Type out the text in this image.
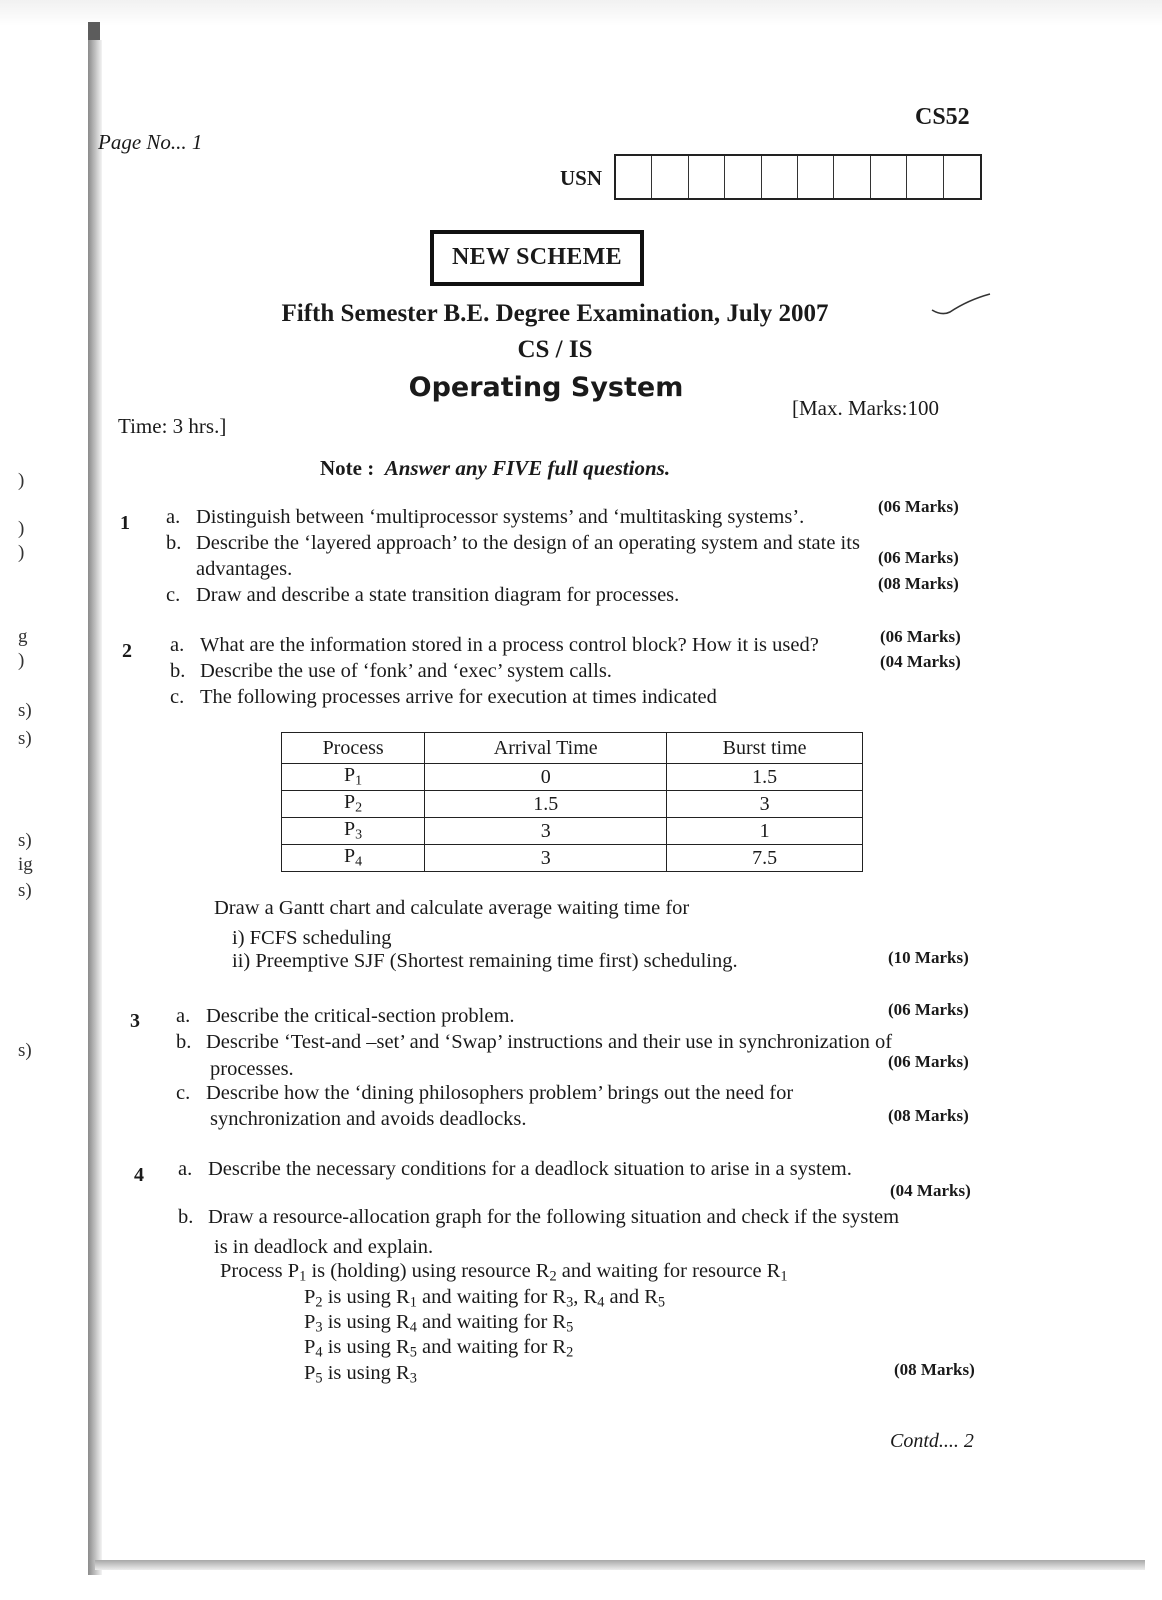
)
)
)
g
)
s)
s)
s)
ig
s)
s)
Page No... 1
CS52
USN
NEW SCHEME
Fifth Semester B.E. Degree Examination, July 2007
CS / IS
Operating System
Time: 3 hrs.]
[Max. Marks:100
Note : Answer any FIVE full questions.
1 a. Distinguish between ‘multiprocessor systems’ and ‘multitasking systems’.	(06 Marks)
b. Describe the ‘layered approach’ to the design of an operating system and state its
advantages.
(06 Marks)
c. Draw and describe a state transition diagram for processes.
(08 Marks)
2 a. What are the information stored in a process control block? How it is used?	(06 Marks)
b. Describe the use of ‘fonk’ and ‘exec’ system calls.	(04 Marks)
c. The following processes arrive for execution at times indicated
Process	Arrival Time	Burst time
$P_1$	0	1.5
$P_2$	1.5	3
$P_3$	3	1
$P_4$	3	7.5
Draw a Gantt chart and calculate average waiting time for
i) FCFS scheduling
ii) Preemptive SJF (Shortest remaining time first) scheduling.	(10 Marks)
3 a. Describe the critical-section problem.	(06 Marks)
b. Describe ‘Test-and –set’ and ‘Swap’ instructions and their use in synchronization of
processes.	(06 Marks)
c. Describe how the ‘dining philosophers problem’ brings out the need for
synchronization and avoids deadlocks.	(08 Marks)
4 a. Describe the necessary conditions for a deadlock situation to arise in a system.
(04 Marks)
b. Draw a resource-allocation graph for the following situation and check if the system
is in deadlock and explain.
Process $P_1$ is (holding) using resource $R_2$ and waiting for resource $R_1$
$P_2$ is using $R_1$ and waiting for $R_3$, $R_4$ and $R_5$
$P_3$ is using $R_4$ and waiting for $R_5$
$P_4$ is using $R_5$ and waiting for $R_2$
$P_5$ is using $R_3$	(08 Marks)
Contd.... 2
